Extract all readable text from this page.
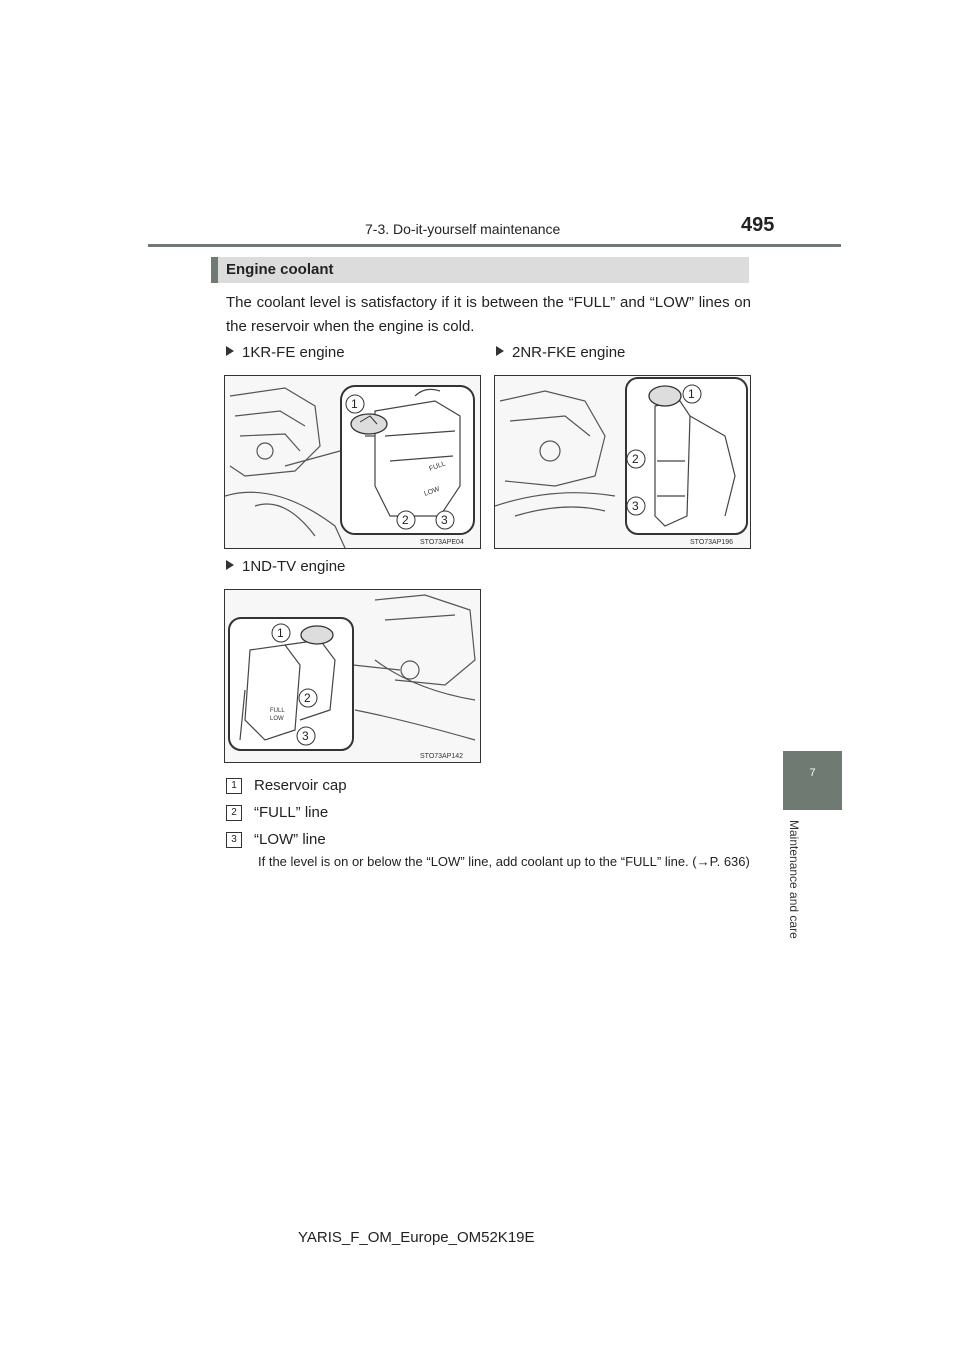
7-3. Do-it-yourself maintenance	495
7
Maintenance and care
Engine coolant
The coolant level is satisfactory if it is between the “FULL” and “LOW” lines on the reservoir when the engine is cold.
1KR-FE engine	2NR-FKE engine
FULL
LOW
1
2	3
STO73APE04
1
2
3
STO73AP196
1ND-TV engine
FULL
LOW
1
2
3
STO73AP142
1 Reservoir cap
2 “FULL” line
3 “LOW” line
If the level is on or below the “LOW” line, add coolant up to the “FULL” line. (→P. 636)
YARIS_F_OM_Europe_OM52K19E
